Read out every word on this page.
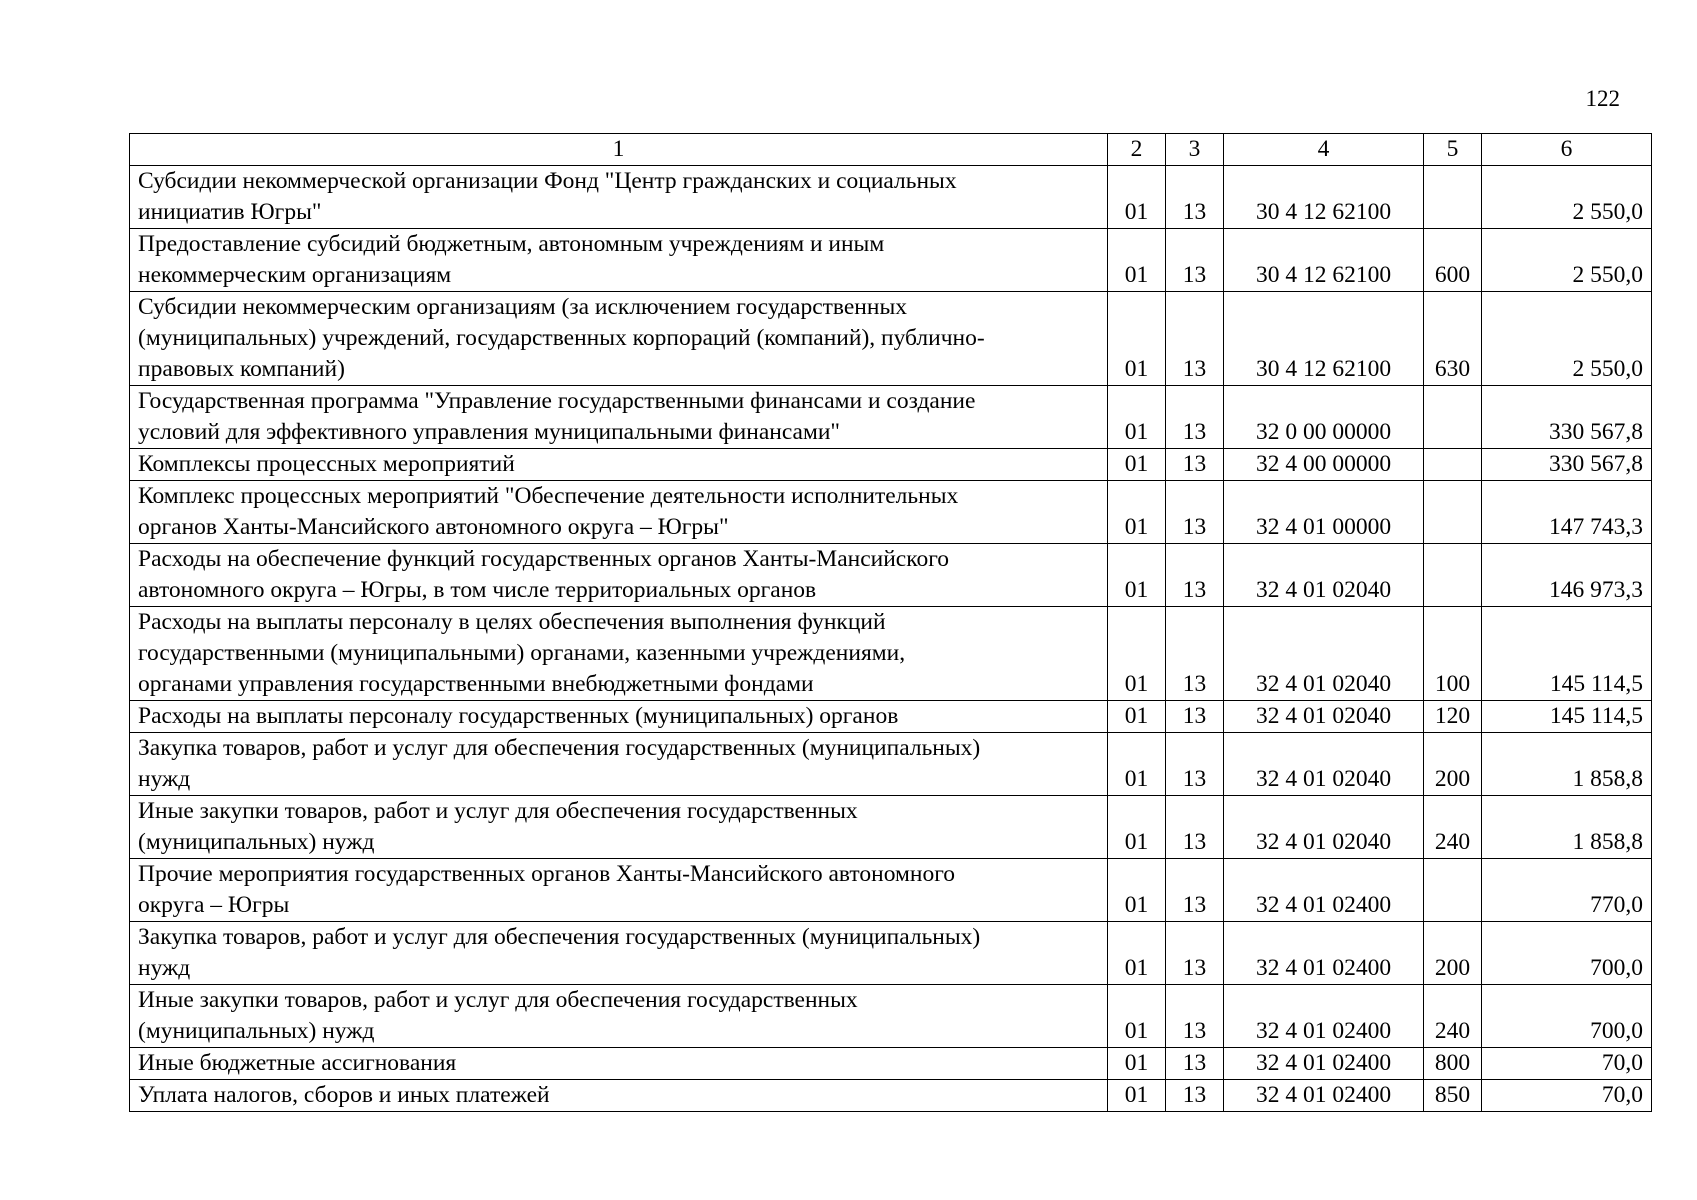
122
1	2	3	4	5	6
Субсидии некоммерческой организации Фонд "Центр гражданских и социальных
инициатив Югры"	01	13	30 4 12 62100		2 550,0
Предоставление субсидий бюджетным, автономным учреждениям и иным
некоммерческим организациям	01	13	30 4 12 62100	600	2 550,0
Субсидии некоммерческим организациям (за исключением государственных
(муниципальных) учреждений, государственных корпораций (компаний), публично-
правовых компаний)	01	13	30 4 12 62100	630	2 550,0
Государственная программа "Управление государственными финансами и создание
условий для эффективного управления муниципальными финансами"	01	13	32 0 00 00000		330 567,8
Комплексы процессных мероприятий	01	13	32 4 00 00000		330 567,8
Комплекс процессных мероприятий "Обеспечение деятельности исполнительных
органов Ханты-Мансийского автономного округа – Югры"	01	13	32 4 01 00000		147 743,3
Расходы на обеспечение функций государственных органов Ханты-Мансийского
автономного округа – Югры, в том числе территориальных органов	01	13	32 4 01 02040		146 973,3
Расходы на выплаты персоналу в целях обеспечения выполнения функций
государственными (муниципальными) органами, казенными учреждениями,
органами управления государственными внебюджетными фондами	01	13	32 4 01 02040	100	145 114,5
Расходы на выплаты персоналу государственных (муниципальных) органов	01	13	32 4 01 02040	120	145 114,5
Закупка товаров, работ и услуг для обеспечения государственных (муниципальных)
нужд	01	13	32 4 01 02040	200	1 858,8
Иные закупки товаров, работ и услуг для обеспечения государственных
(муниципальных) нужд	01	13	32 4 01 02040	240	1 858,8
Прочие мероприятия государственных органов Ханты-Мансийского автономного
округа – Югры	01	13	32 4 01 02400		770,0
Закупка товаров, работ и услуг для обеспечения государственных (муниципальных)
нужд	01	13	32 4 01 02400	200	700,0
Иные закупки товаров, работ и услуг для обеспечения государственных
(муниципальных) нужд	01	13	32 4 01 02400	240	700,0
Иные бюджетные ассигнования	01	13	32 4 01 02400	800	70,0
Уплата налогов, сборов и иных платежей	01	13	32 4 01 02400	850	70,0
